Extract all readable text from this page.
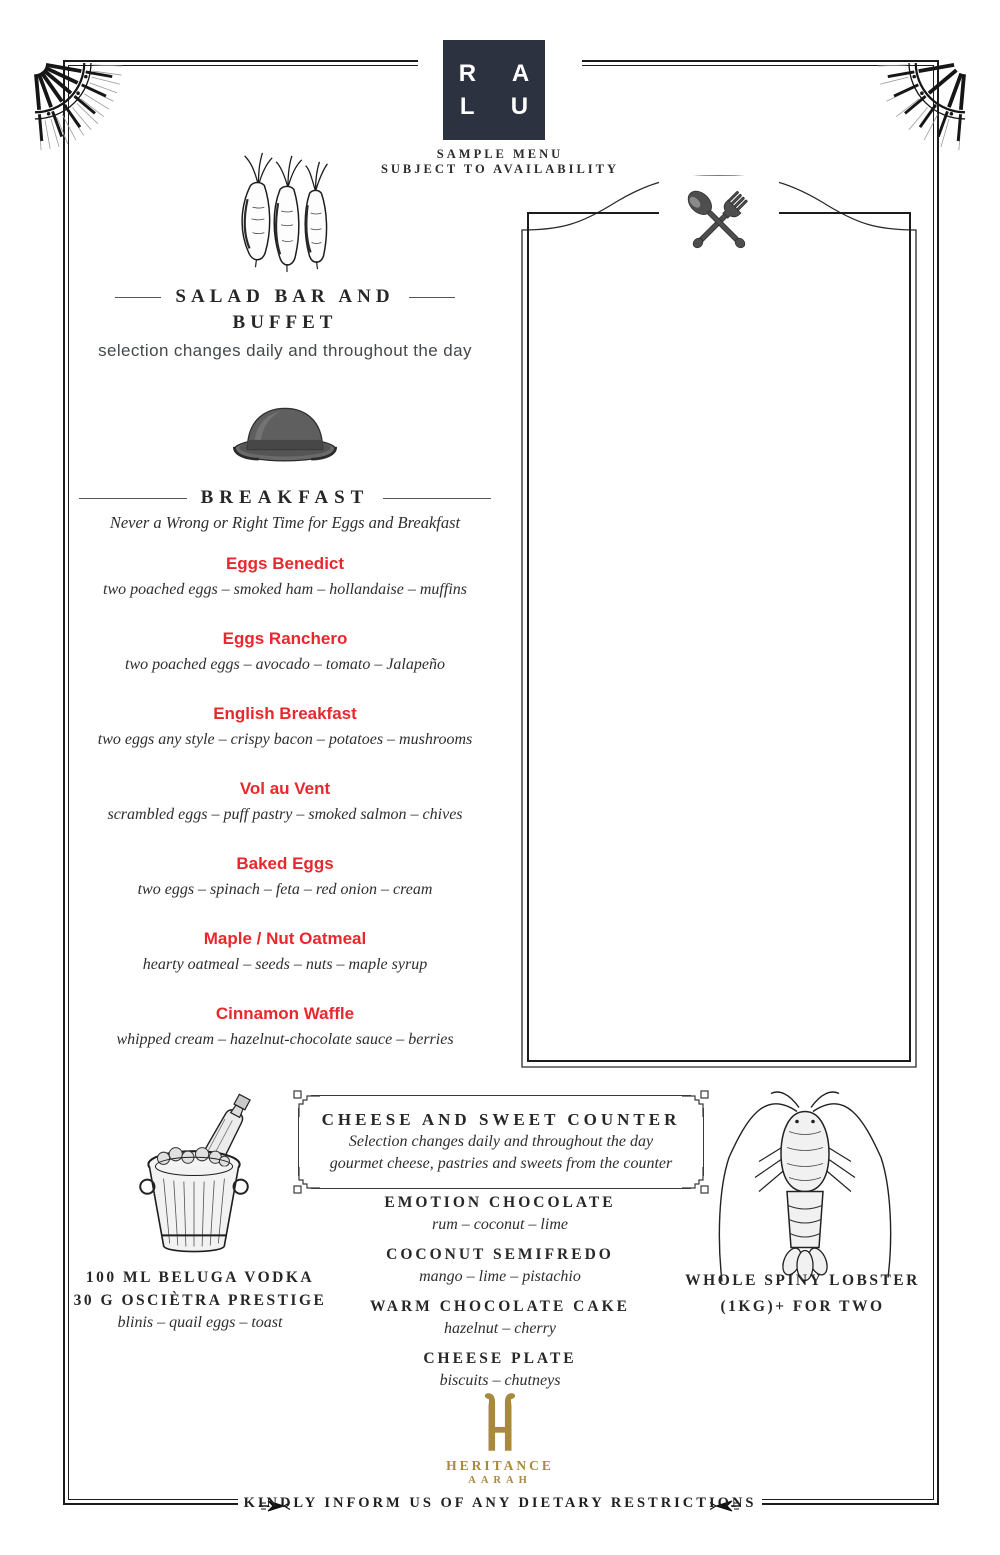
R A
L U
SAMPLE MENU
SUBJECT TO AVAILABILITY
SALAD BAR AND
BUFFET
selection changes daily and throughout the day
BREAKFAST
Never a Wrong or Right Time for Eggs and Breakfast
Eggs Benedict
two poached eggs – smoked ham – hollandaise – muffins
Eggs Ranchero
two poached eggs – avocado – tomato – Jalapeño
English Breakfast
two eggs any style – crispy bacon – potatoes – mushrooms
Vol au Vent
scrambled eggs – puff pastry – smoked salmon – chives
Baked Eggs
two eggs – spinach – feta – red onion – cream
Maple / Nut Oatmeal
hearty oatmeal – seeds – nuts – maple syrup
Cinnamon Waffle
whipped cream – hazelnut-chocolate sauce – berries
CHEESE AND SWEET COUNTER
Selection changes daily and throughout the day
gourmet cheese, pastries and sweets from the counter
100 ML BELUGA VODKA
30 G OSCIÈTRA PRESTIGE
blinis – quail eggs – toast
WHOLE SPINY LOBSTER
(1KG)+ FOR TWO
EMOTION CHOCOLATE
rum – coconut – lime
COCONUT SEMIFREDO
mango – lime – pistachio
WARM CHOCOLATE CAKE
hazelnut – cherry
CHEESE PLATE
biscuits – chutneys
HERITANCE
AARAH
KINDLY INFORM US OF ANY DIETARY RESTRICTIONS
